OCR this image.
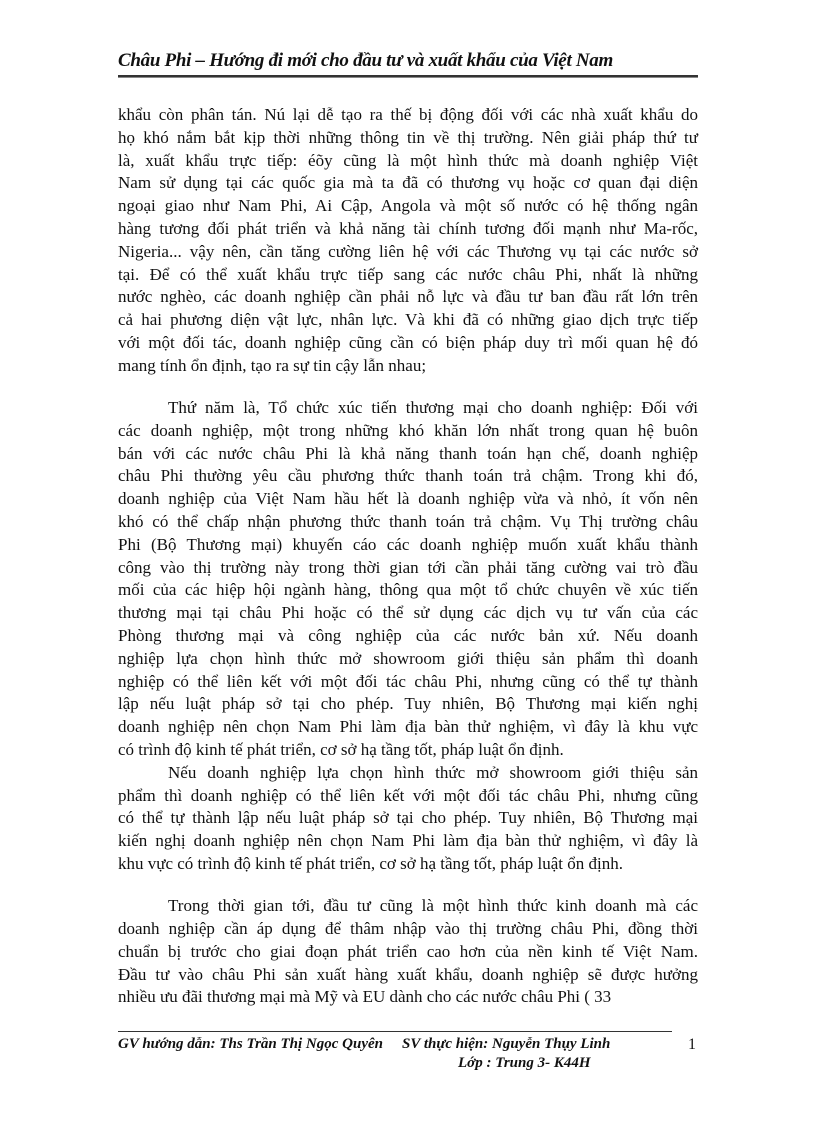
Châu Phi – Hướng đi mới cho đầu tư và xuất khẩu của Việt Nam
khẩu còn phân tán. Nú lại dễ tạo ra thế bị động đối với các nhà xuất khẩu do
họ khó nắm bắt kịp thời những thông tin về thị trường. Nên giải pháp thứ tư
là, xuất khẩu trực tiếp: éõy cũng là một hình thức mà doanh nghiệp Việt
Nam sử dụng tại các quốc gia mà ta đã có thương vụ hoặc cơ quan đại diện
ngoại giao như Nam Phi, Ai Cập, Angola và một số nước có hệ thống ngân
hàng tương đối phát triển và khả năng tài chính tương đối mạnh như Ma-rốc,
Nigeria... vậy nên, cần tăng cường liên hệ với các Thương vụ tại các nước sở
tại. Để có thể xuất khẩu trực tiếp sang các nước châu Phi, nhất là những
nước nghèo, các doanh nghiệp cần phải nỗ lực và đầu tư ban đầu rất lớn trên
cả hai phương diện vật lực, nhân lực. Và khi đã có những giao dịch trực tiếp
với một đối tác, doanh nghiệp cũng cần có biện pháp duy trì mối quan hệ đó
mang tính ổn định, tạo ra sự tin cậy lẫn nhau;
Thứ năm là, Tổ chức xúc tiến thương mại cho doanh nghiệp: Đối với
các doanh nghiệp, một trong những khó khăn lớn nhất trong quan hệ buôn
bán với các nước châu Phi là khả năng thanh toán hạn chế, doanh nghiệp
châu Phi thường yêu cầu phương thức thanh toán trả chậm. Trong khi đó,
doanh nghiệp của Việt Nam hầu hết là doanh nghiệp vừa và nhỏ, ít vốn nên
khó có thể chấp nhận phương thức thanh toán trả chậm. Vụ Thị trường châu
Phi (Bộ Thương mại) khuyến cáo các doanh nghiệp muốn xuất khẩu thành
công vào thị trường này trong thời gian tới cần phải tăng cường vai trò đầu
mối của các hiệp hội ngành hàng, thông qua một tổ chức chuyên về xúc tiến
thương mại tại châu Phi hoặc có thể sử dụng các dịch vụ tư vấn của các
Phòng thương mại và công nghiệp của các nước bản xứ. Nếu doanh
nghiệp lựa chọn hình thức mở showroom giới thiệu sản phẩm thì doanh
nghiệp có thể liên kết với một đối tác châu Phi, nhưng cũng có thể tự thành
lập nếu luật pháp sở tại cho phép. Tuy nhiên, Bộ Thương mại kiến nghị
doanh nghiệp nên chọn Nam Phi làm địa bàn thử nghiệm, vì đây là khu vực
có trình độ kinh tế phát triển, cơ sở hạ tầng tốt, pháp luật ổn định.
Nếu doanh nghiệp lựa chọn hình thức mở showroom giới thiệu sản
phẩm thì doanh nghiệp có thể liên kết với một đối tác châu Phi, nhưng cũng
có thể tự thành lập nếu luật pháp sở tại cho phép. Tuy nhiên, Bộ Thương mại
kiến nghị doanh nghiệp nên chọn Nam Phi làm địa bàn thử nghiệm, vì đây là
khu vực có trình độ kinh tế phát triển, cơ sở hạ tầng tốt, pháp luật ổn định.
Trong thời gian tới, đầu tư cũng là một hình thức kinh doanh mà các
doanh nghiệp cần áp dụng để thâm nhập vào thị trường châu Phi, đồng thời
chuẩn bị trước cho giai đoạn phát triển cao hơn của nền kinh tế Việt Nam.
Đầu tư vào châu Phi sản xuất hàng xuất khẩu, doanh nghiệp sẽ được hưởng
nhiều ưu đãi thương mại mà Mỹ và EU dành cho các nước châu Phi ( 33
GV hướng dẫn: Ths Trần Thị Ngọc Quyên SV thực hiện: Nguyễn Thụy Linh
Lớp : Trung 3- K44H
1
